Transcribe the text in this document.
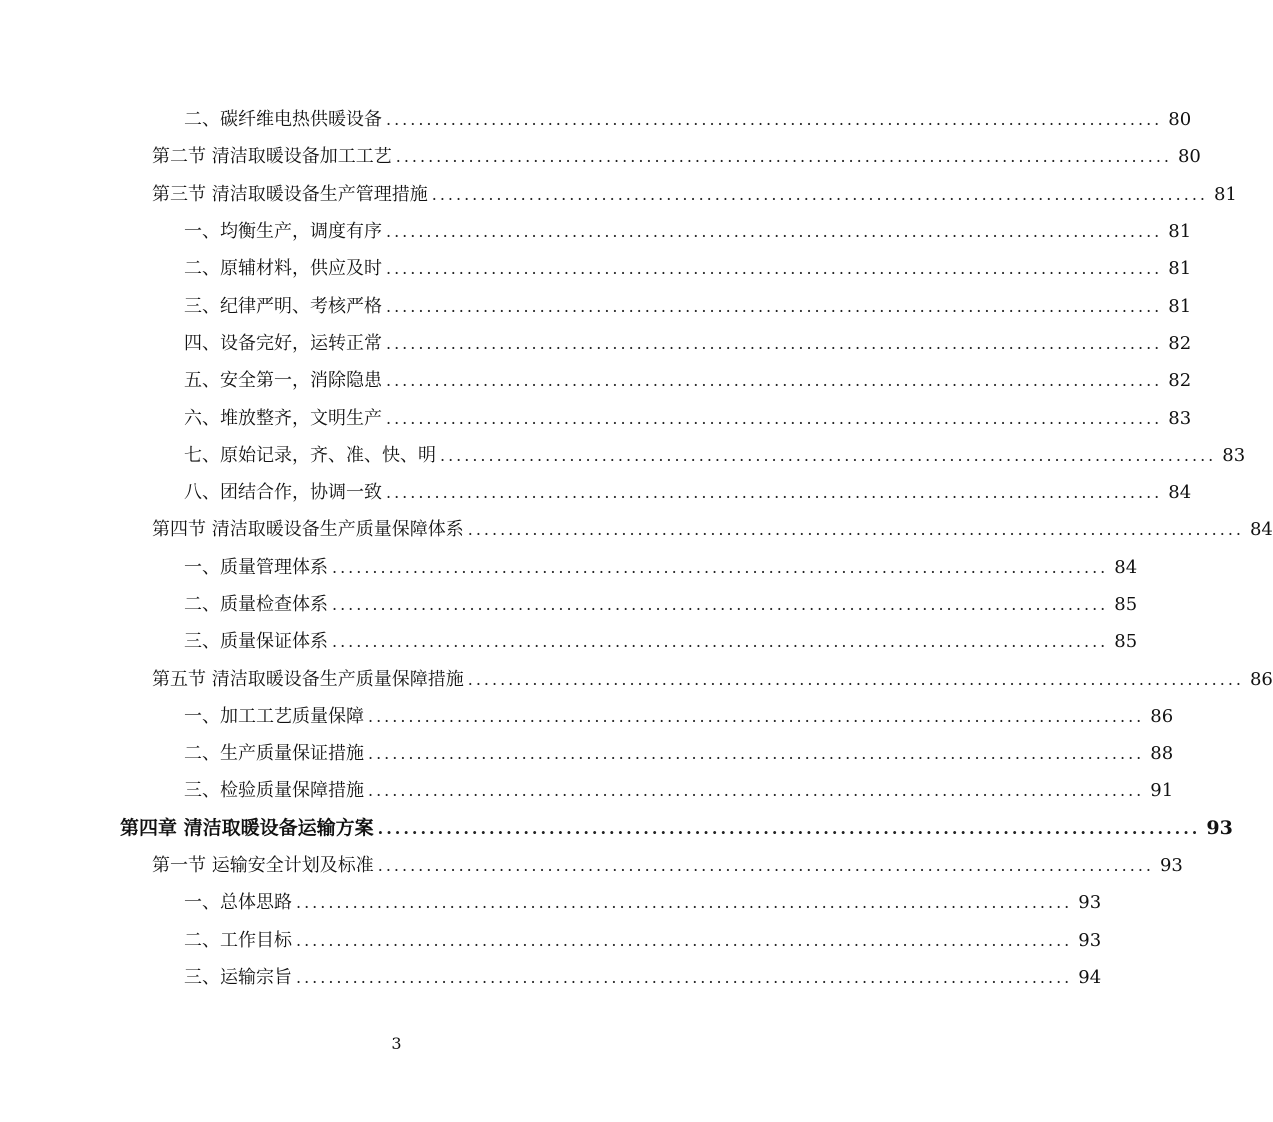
二、碳纤维电热供暖设备 ................................................................................................ 80
第二节 清洁取暖设备加工工艺 ................................................................................................ 80
第三节 清洁取暖设备生产管理措施 ................................................................................................ 81
一、均衡生产，调度有序 ................................................................................................ 81
二、原辅材料，供应及时 ................................................................................................ 81
三、纪律严明、考核严格 ................................................................................................ 81
四、设备完好，运转正常 ................................................................................................ 82
五、安全第一，消除隐患 ................................................................................................ 82
六、堆放整齐，文明生产 ................................................................................................ 83
七、原始记录，齐、准、快、明 ................................................................................................ 83
八、团结合作，协调一致 ................................................................................................ 84
第四节 清洁取暖设备生产质量保障体系 ................................................................................................ 84
一、质量管理体系 ................................................................................................ 84
二、质量检查体系 ................................................................................................ 85
三、质量保证体系 ................................................................................................ 85
第五节 清洁取暖设备生产质量保障措施 ................................................................................................ 86
一、加工工艺质量保障 ................................................................................................ 86
二、生产质量保证措施 ................................................................................................ 88
三、检验质量保障措施 ................................................................................................ 91
第四章 清洁取暖设备运输方案 ................................................................................................ 93
第一节 运输安全计划及标准 ................................................................................................ 93
一、总体思路 ................................................................................................ 93
二、工作目标 ................................................................................................ 93
三、运输宗旨 ................................................................................................ 94
3
